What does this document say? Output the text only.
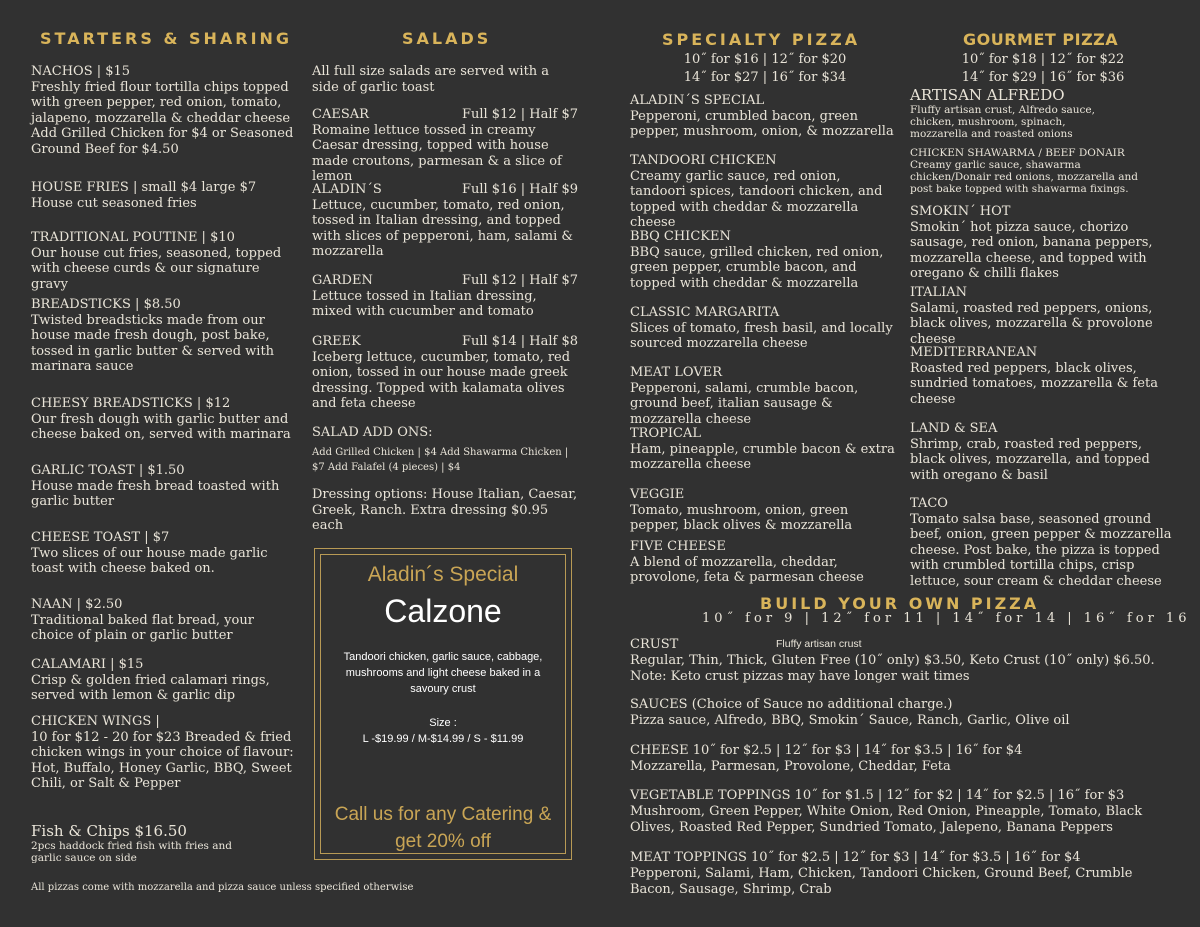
STARTERS & SHARING
NACHOS | $15
Freshly fried flour tortilla chips topped with green pepper, red onion, tomato, jalapeno, mozzarella & cheddar cheese Add Grilled Chicken for $4 or Seasoned Ground Beef for $4.50
HOUSE FRIES | small $4 large $7
House cut seasoned fries
TRADITIONAL POUTINE | $10
Our house cut fries, seasoned, topped with cheese curds & our signature gravy
BREADSTICKS | $8.50
Twisted breadsticks made from our house made fresh dough, post bake, tossed in garlic butter & served with marinara sauce
CHEESY BREADSTICKS | $12
Our fresh dough with garlic butter and cheese baked on, served with marinara
GARLIC TOAST | $1.50
House made fresh bread toasted with garlic butter
CHEESE TOAST | $7
Two slices of our house made garlic toast with cheese baked on.
NAAN | $2.50
Traditional baked flat bread, your choice of plain or garlic butter
CALAMARI | $15
Crisp & golden fried calamari rings, served with lemon & garlic dip
CHICKEN WINGS |
10 for $12 - 20 for $23 Breaded & fried chicken wings in your choice of flavour: Hot, Buffalo, Honey Garlic, BBQ, Sweet Chili, or Salt & Pepper
Fish & Chips $16.50
2pcs haddock fried fish with fries and garlic sauce on side
All pizzas come with mozzarella and pizza sauce unless specified otherwise
SALADS
All full size salads are served with a side of garlic toast
CAESAR	Full $12 | Half $7
Romaine lettuce tossed in creamy Caesar dressing, topped with house made croutons, parmesan & a slice of lemon
ALADIN´S	Full $16 | Half $9
Lettuce, cucumber, tomato, red onion, tossed in Italian dressing, and topped with slices of pepperoni, ham, salami & mozzarella
GARDEN	Full $12 | Half $7
Lettuce tossed in Italian dressing, mixed with cucumber and tomato
GREEK	Full $14 | Half $8
Iceberg lettuce, cucumber, tomato, red onion, tossed in our house made greek dressing. Topped with kalamata olives and feta cheese
SALAD ADD ONS:
Add Grilled Chicken | $4 Add Shawarma Chicken | $7 Add Falafel (4 pieces) | $4
Dressing options: House Italian, Caesar, Greek, Ranch. Extra dressing $0.95 each
Aladin´s Special
Calzone
Tandoori chicken, garlic sauce, cabbage, mushrooms and light cheese baked in a savoury crust
Size :
L -$19.99 / M-$14.99 / S - $11.99
Call us for any Catering & get 20% off
SPECIALTY PIZZA
10˝ for $16 | 12˝ for $20
14˝ for $27 | 16˝ for $34
ALADIN´S SPECIAL
Pepperoni, crumbled bacon, green pepper, mushroom, onion, & mozzarella
TANDOORI CHICKEN
Creamy garlic sauce, red onion, tandoori spices, tandoori chicken, and topped with cheddar & mozzarella cheese
BBQ CHICKEN
BBQ sauce, grilled chicken, red onion, green pepper, crumble bacon, and topped with cheddar & mozzarella
CLASSIC MARGARITA
Slices of tomato, fresh basil, and locally sourced mozzarella cheese
MEAT LOVER
Pepperoni, salami, crumble bacon, ground beef, italian sausage & mozzarella cheese
TROPICAL
Ham, pineapple, crumble bacon & extra mozzarella cheese
VEGGIE
Tomato, mushroom, onion, green pepper, black olives & mozzarella
FIVE CHEESE
A blend of mozzarella, cheddar, provolone, feta & parmesan cheese
GOURMET PIZZA
10˝ for $18 | 12˝ for $22
14˝ for $29 | 16˝ for $36
ARTISAN ALFREDO
Fluffy artisan crust, Alfredo sauce, chicken, mushroom, spinach, mozzarella and roasted onions
CHICKEN SHAWARMA / BEEF DONAIR
Creamy garlic sauce, shawarma chicken/Donair red onions, mozzarella and post bake topped with shawarma fixings.
SMOKIN´ HOT
Smokin´ hot pizza sauce, chorizo sausage, red onion, banana peppers, mozzarella cheese, and topped with oregano & chilli flakes
ITALIAN
Salami, roasted red peppers, onions, black olives, mozzarella & provolone cheese
MEDITERRANEAN
Roasted red peppers, black olives, sundried tomatoes, mozzarella & feta cheese
LAND & SEA
Shrimp, crab, roasted red peppers, black olives, mozzarella, and topped with oregano & basil
TACO
Tomato salsa base, seasoned ground beef, onion, green pepper & mozzarella cheese. Post bake, the pizza is topped with crumbled tortilla chips, crisp lettuce, sour cream & cheddar cheese
BUILD YOUR OWN PIZZA
10˝ for 9 | 12˝ for 11 | 14˝ for 14 | 16˝ for 16
CRUST	Fluffy artisan crust
Regular, Thin, Thick, Gluten Free (10˝ only) $3.50, Keto Crust (10˝ only) $6.50. Note: Keto crust pizzas may have longer wait times
SAUCES (Choice of Sauce no additional charge.)
Pizza sauce, Alfredo, BBQ, Smokin´ Sauce, Ranch, Garlic, Olive oil
CHEESE 10˝ for $2.5 | 12˝ for $3 | 14˝ for $3.5 | 16˝ for $4
Mozzarella, Parmesan, Provolone, Cheddar, Feta
VEGETABLE TOPPINGS 10˝ for $1.5 | 12˝ for $2 | 14˝ for $2.5 | 16˝ for $3
Mushroom, Green Pepper, White Onion, Red Onion, Pineapple, Tomato, Black Olives, Roasted Red Pepper, Sundried Tomato, Jalepeno, Banana Peppers
MEAT TOPPINGS 10˝ for $2.5 | 12˝ for $3 | 14˝ for $3.5 | 16˝ for $4
Pepperoni, Salami, Ham, Chicken, Tandoori Chicken, Ground Beef, Crumble Bacon, Sausage, Shrimp, Crab
